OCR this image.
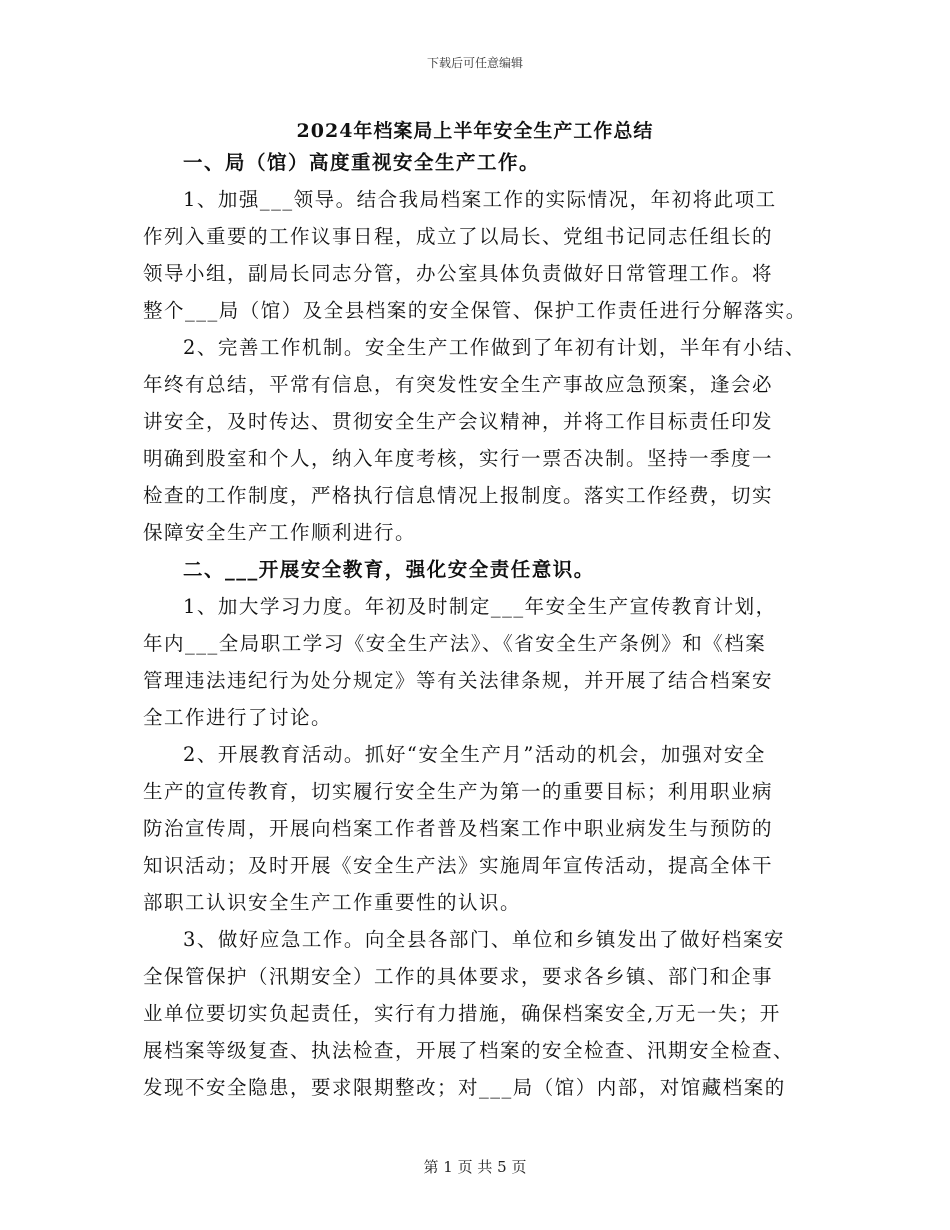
下载后可任意编辑
2024年档案局上半年安全生产工作总结
一、局（馆）高度重视安全生产工作。
1、加强___领导。结合我局档案工作的实际情况，年初将此项工
作列入重要的工作议事日程，成立了以局长、党组书记同志任组长的
领导小组，副局长同志分管，办公室具体负责做好日常管理工作。将
整个___局（馆）及全县档案的安全保管、保护工作责任进行分解落实。
2、完善工作机制。安全生产工作做到了年初有计划，半年有小结、
年终有总结，平常有信息，有突发性安全生产事故应急预案，逢会必
讲安全，及时传达、贯彻安全生产会议精神，并将工作目标责任印发
明确到股室和个人，纳入年度考核，实行一票否决制。坚持一季度一
检查的工作制度，严格执行信息情况上报制度。落实工作经费，切实
保障安全生产工作顺利进行。
二、___开展安全教育，强化安全责任意识。
1、加大学习力度。年初及时制定___年安全生产宣传教育计划，
年内___全局职工学习《安全生产法》、《省安全生产条例》和《档案
管理违法违纪行为处分规定》等有关法律条规，并开展了结合档案安
全工作进行了讨论。
2、开展教育活动。抓好“安全生产月”活动的机会，加强对安全
生产的宣传教育，切实履行安全生产为第一的重要目标；利用职业病
防治宣传周，开展向档案工作者普及档案工作中职业病发生与预防的
知识活动；及时开展《安全生产法》实施周年宣传活动，提高全体干
部职工认识安全生产工作重要性的认识。
3、做好应急工作。向全县各部门、单位和乡镇发出了做好档案安
全保管保护（汛期安全）工作的具体要求，要求各乡镇、部门和企事
业单位要切实负起责任，实行有力措施，确保档案安全,万无一失；开
展档案等级复查、执法检查，开展了档案的安全检查、汛期安全检查、
发现不安全隐患，要求限期整改；对___局（馆）内部，对馆藏档案的
第 1 页 共 5 页
